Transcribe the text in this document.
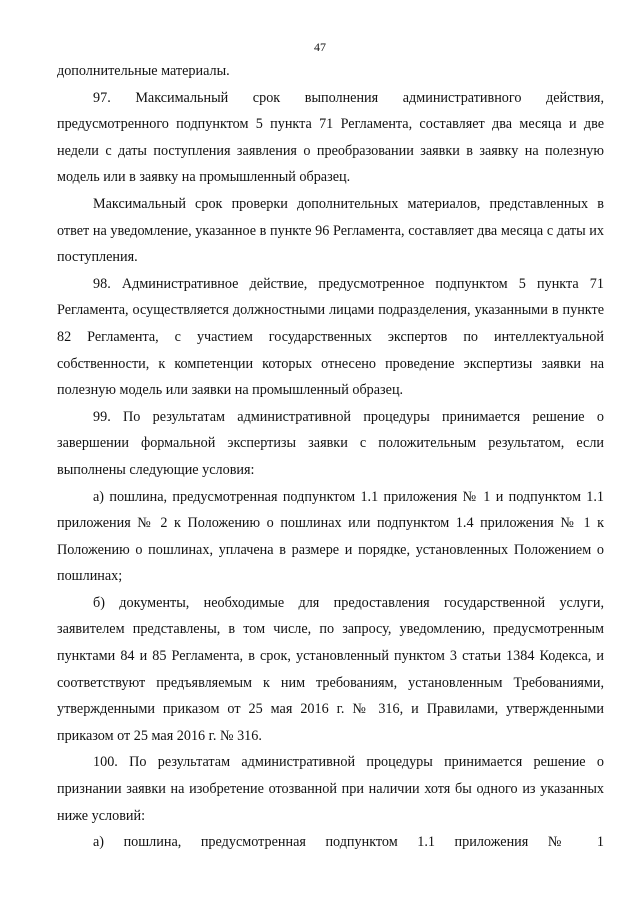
47

дополнительные материалы.

97. Максимальный срок выполнения административного действия, предусмотренного подпунктом 5 пункта 71 Регламента, составляет два месяца и две недели с даты поступления заявления о преобразовании заявки в заявку на полезную модель или в заявку на промышленный образец.

Максимальный срок проверки дополнительных материалов, представленных в ответ на уведомление, указанное в пункте 96 Регламента, составляет два месяца с даты их поступления.

98. Административное действие, предусмотренное подпунктом 5 пункта 71 Регламента, осуществляется должностными лицами подразделения, указанными в пункте 82 Регламента, с участием государственных экспертов по интеллектуальной собственности, к компетенции которых отнесено проведение экспертизы заявки на полезную модель или заявки на промышленный образец.

99. По результатам административной процедуры принимается решение о завершении формальной экспертизы заявки с положительным результатом, если выполнены следующие условия:

а) пошлина, предусмотренная подпунктом 1.1 приложения № 1 и подпунктом 1.1 приложения № 2 к Положению о пошлинах или подпунктом 1.4 приложения № 1 к Положению о пошлинах, уплачена в размере и порядке, установленных Положением о пошлинах;

б) документы, необходимые для предоставления государственной услуги, заявителем представлены, в том числе, по запросу, уведомлению, предусмотренным пунктами 84 и 85 Регламента, в срок, установленный пунктом 3 статьи 1384 Кодекса, и соответствуют предъявляемым к ним требованиям, установленным Требованиями, утвержденными приказом от 25 мая 2016 г. № 316, и Правилами, утвержденными приказом от 25 мая 2016 г. № 316.

100. По результатам административной процедуры принимается решение о признании заявки на изобретение отозванной при наличии хотя бы одного из указанных ниже условий:

а) пошлина, предусмотренная подпунктом 1.1 приложения № 1
